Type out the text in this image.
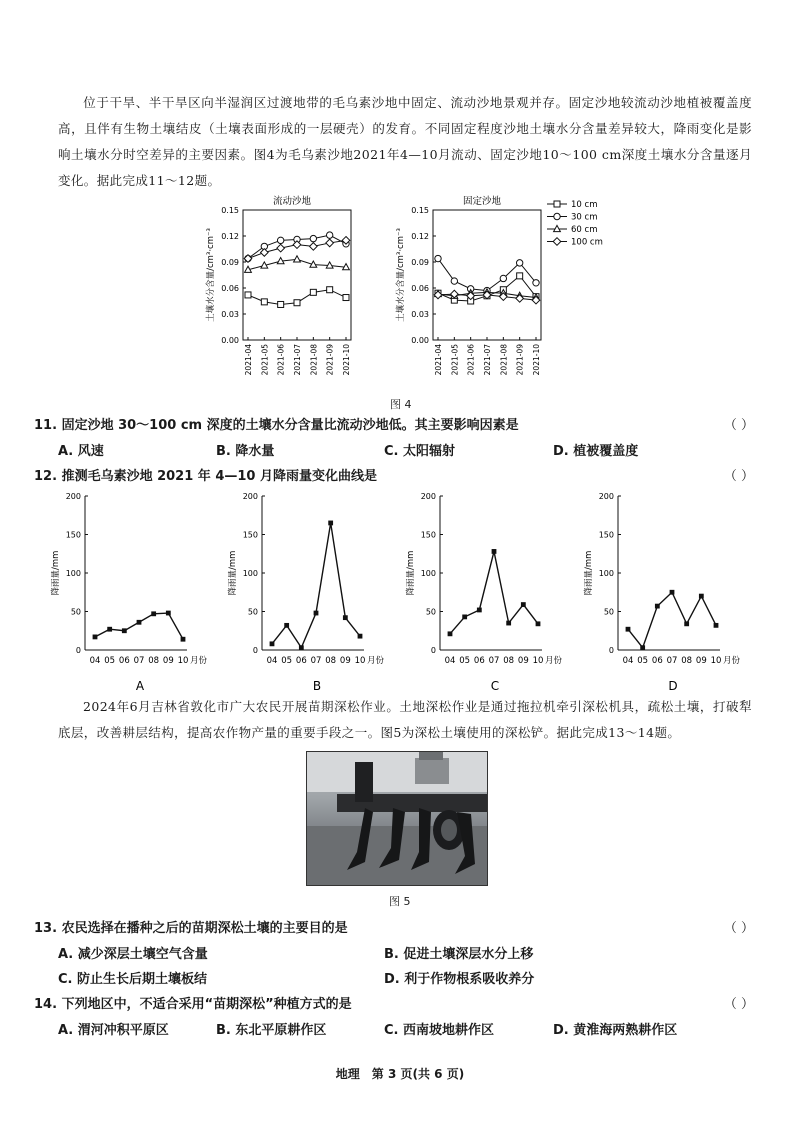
位于干旱、半干旱区向半湿润区过渡地带的毛乌素沙地中固定、流动沙地景观并存。固定沙地较流动沙地植被覆盖度高，且伴有生物土壤结皮（土壤表面形成的一层硬壳）的发育。不同固定程度沙地土壤水分含量差异较大，降雨变化是影响土壤水分时空差异的主要因素。图4为毛乌素沙地2021年4—10月流动、固定沙地10～100 cm深度土壤水分含量逐月变化。据此完成11～12题。
流动沙地
0.00
0.03
0.06
0.09
0.12
0.15
2021-04 2021-05 2021-06 2021-07 2021-08 2021-09 2021-10
土壤水分含量/cm³·cm⁻³
固定沙地
0.00
0.03
0.06
0.09
0.12
0.15
2021-04 2021-05 2021-06 2021-07 2021-08 2021-09 2021-10
土壤水分含量/cm³·cm⁻³
10 cm
30 cm
60 cm
100 cm
图 4
11. 固定沙地 30～100 cm 深度的土壤水分含量比流动沙地低。其主要影响因素是	（ ）
A. 风速	B. 降水量	C. 太阳辐射	D. 植被覆盖度
12. 推测毛乌素沙地 2021 年 4—10 月降雨量变化曲线是	（ ）
0
50
100
150
200
降雨量/mm
04 05 06 07 08 09 10 月份
A
0
50
100
150
200
降雨量/mm
04 05 06 07 08 09 10 月份
B
0
50
100
150
200
降雨量/mm
04 05 06 07 08 09 10 月份
C
0
50
100
150
200
降雨量/mm
04 05 06 07 08 09 10 月份
D
2024年6月吉林省敦化市广大农民开展苗期深松作业。土地深松作业是通过拖拉机牵引深松机具，疏松土壤，打破犁底层，改善耕层结构，提高农作物产量的重要手段之一。图5为深松土壤使用的深松铲。据此完成13～14题。
图 5
13. 农民选择在播种之后的苗期深松土壤的主要目的是	（ ）
A. 减少深层土壤空气含量	B. 促进土壤深层水分上移
C. 防止生长后期土壤板结	D. 利于作物根系吸收养分
14. 下列地区中，不适合采用“苗期深松”种植方式的是	（ ）
A. 渭河冲积平原区	B. 东北平原耕作区	C. 西南坡地耕作区	D. 黄淮海两熟耕作区
地理　第 3 页(共 6 页)
